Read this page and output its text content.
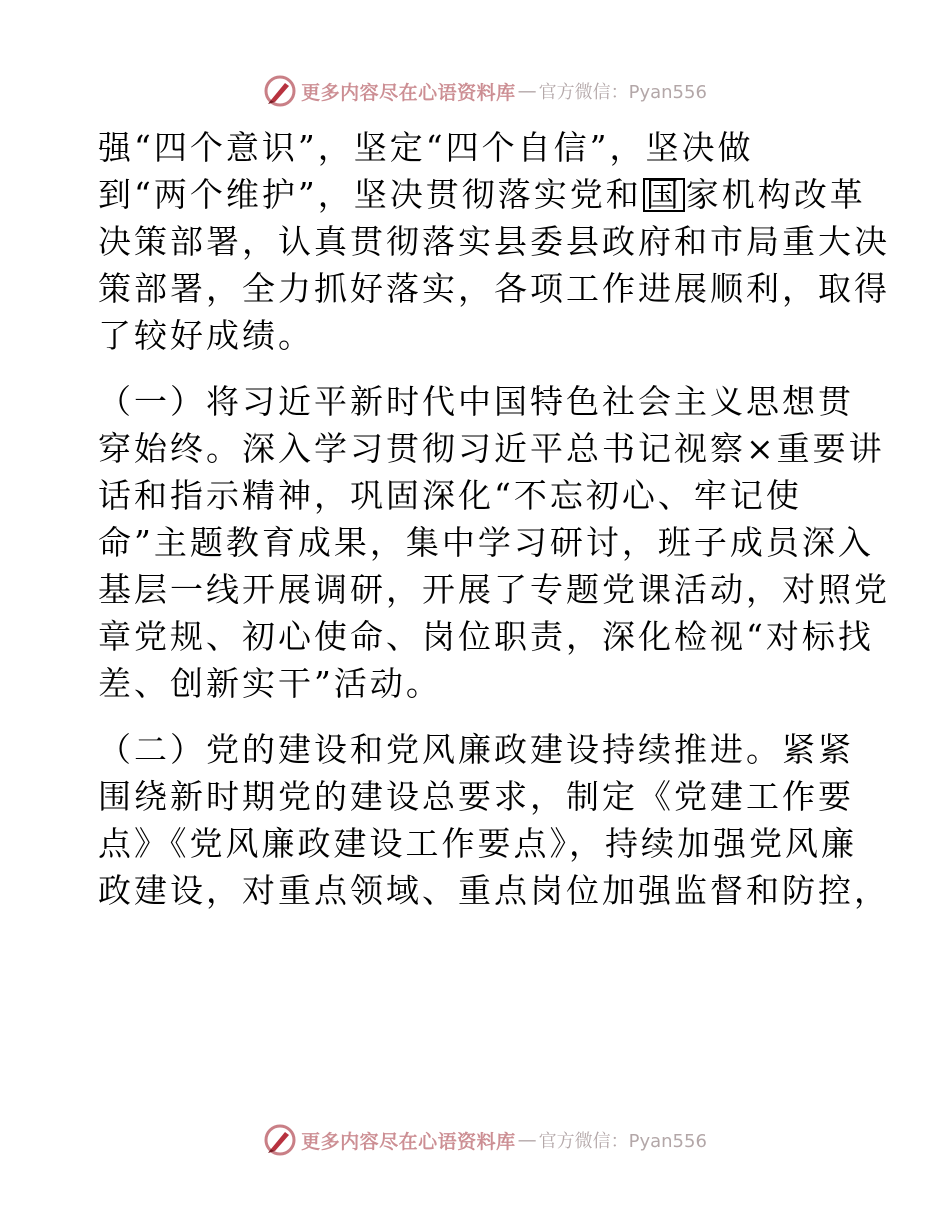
更多内容尽在心语资料库 — 官方微信：Pyan556

强“四个意识”，坚定“四个自信”，坚决做
到“两个维护”，坚决贯彻落实党和 国 家机构改革
决策部署，认真贯彻落实县委县政府和市局重大决
策部署，全力抓好落实，各项工作进展顺利，取得
了较好成绩。

（一）将习近平新时代中国特色社会主义思想贯
穿始终。深入学习贯彻习近平总书记视察×重要讲
话和指示精神，巩固深化“不忘初心、牢记使
命”主题教育成果，集中学习研讨，班子成员深入
基层一线开展调研，开展了专题党课活动，对照党
章党规、初心使命、岗位职责，深化检视“对标找
差、创新实干”活动。

（二）党的建设和党风廉政建设持续推进。紧紧
围绕新时期党的建设总要求，制定《党建工作要
点》《党风廉政建设工作要点》，持续加强党风廉
政建设，对重点领域、重点岗位加强监督和防控，

更多内容尽在心语资料库 — 官方微信：Pyan556
